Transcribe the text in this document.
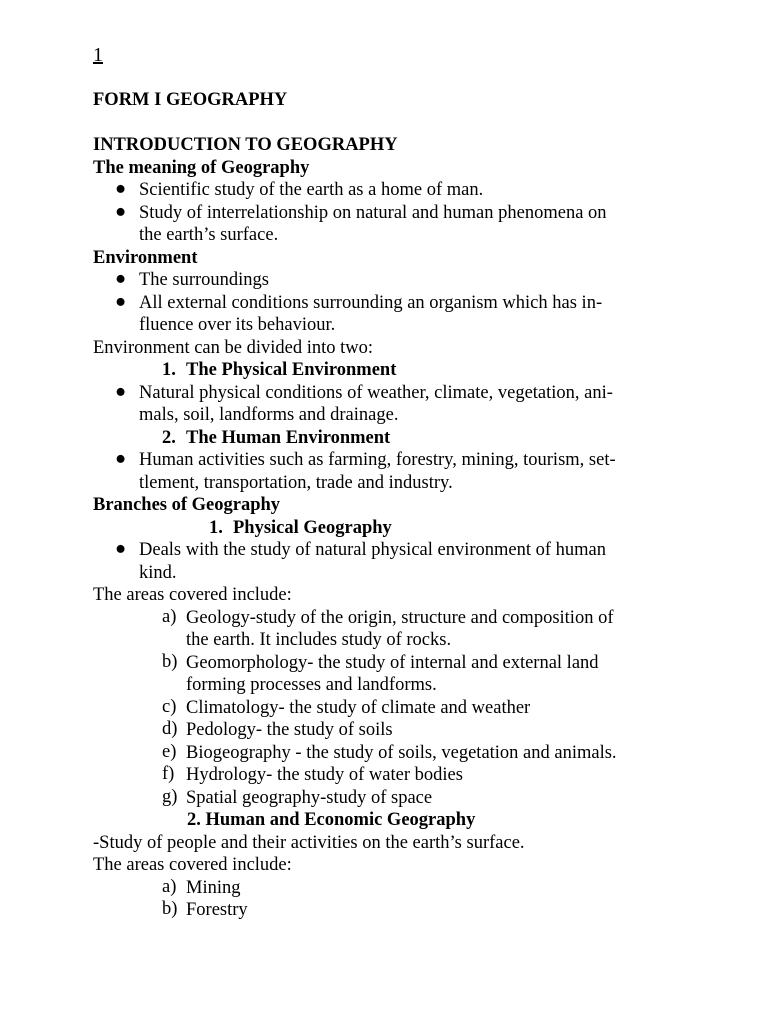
1
FORM I GEOGRAPHY
INTRODUCTION TO GEOGRAPHY
The meaning of Geography
● Scientific study of the earth as a home of man.
● Study of interrelationship on natural and human phenomena on
the earth’s surface.
Environment
● The surroundings
● All external conditions surrounding an organism which has in-
fluence over its behaviour.
Environment can be divided into two:
1. The Physical Environment
● Natural physical conditions of weather, climate, vegetation, ani-
mals, soil, landforms and drainage.
2. The Human Environment
● Human activities such as farming, forestry, mining, tourism, set-
tlement, transportation, trade and industry.
Branches of Geography
1. Physical Geography
● Deals with the study of natural physical environment of human
kind.
The areas covered include:
a) Geology-study of the origin, structure and composition of
the earth. It includes study of rocks.
b) Geomorphology- the study of internal and external land
forming processes and landforms.
c) Climatology- the study of climate and weather
d) Pedology- the study of soils
e) Biogeography - the study of soils, vegetation and animals.
f) Hydrology- the study of water bodies
g) Spatial geography-study of space
2. Human and Economic Geography
-Study of people and their activities on the earth’s surface.
The areas covered include:
a) Mining
b) Forestry
